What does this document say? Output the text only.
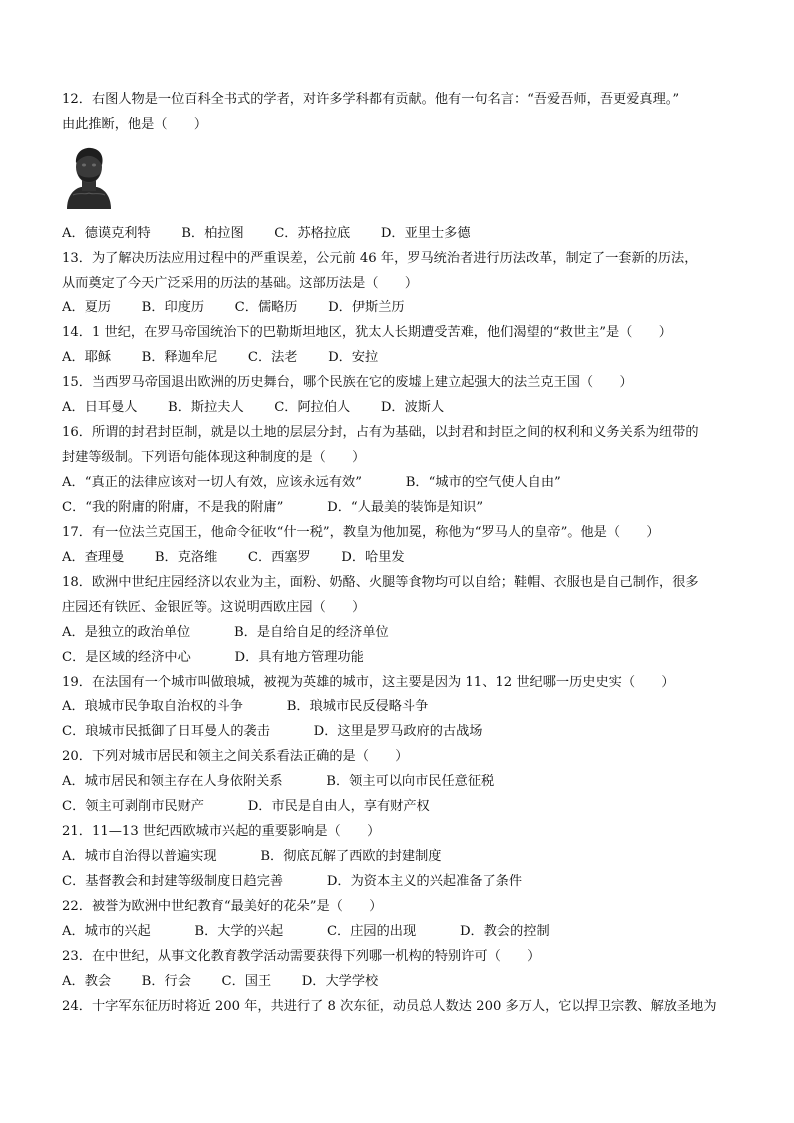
12．右图人物是一位百科全书式的学者，对许多学科都有贡献。他有一句名言：“吾爱吾师，吾更爱真理。”
由此推断，他是（　　）
A．德谟克利特　　 B．柏拉图　　 C．苏格拉底　　 D．亚里士多德
13．为了解决历法应用过程中的严重误差，公元前 46 年，罗马统治者进行历法改革，制定了一套新的历法，
从而奠定了今天广泛采用的历法的基础。这部历法是（　　）
A．夏历　　 B．印度历　　 C．儒略历　　 D．伊斯兰历
14．1 世纪，在罗马帝国统治下的巴勒斯坦地区，犹太人长期遭受苦难，他们渴望的“救世主”是（　　）
A．耶稣　　 B．释迦牟尼　　 C．法老　　 D．安拉
15．当西罗马帝国退出欧洲的历史舞台，哪个民族在它的废墟上建立起强大的法兰克王国（　　）
A．日耳曼人　　 B．斯拉夫人　　 C．阿拉伯人　　 D．波斯人
16．所谓的封君封臣制，就是以土地的层层分封，占有为基础，以封君和封臣之间的权利和义务关系为纽带的
封建等级制。下列语句能体现这种制度的是（　　）
A．“真正的法律应该对一切人有效，应该永远有效”　　　 B．“城市的空气使人自由”
C．“我的附庸的附庸，不是我的附庸”　　　 D．“人最美的装饰是知识”
17．有一位法兰克国王，他命令征收“什一税”，教皇为他加冕，称他为“罗马人的皇帝”。他是（　　）
A．查理曼　　 B．克洛维　　 C．西塞罗　　 D．哈里发
18．欧洲中世纪庄园经济以农业为主，面粉、奶酪、火腿等食物均可以自给；鞋帽、衣服也是自己制作，很多
庄园还有铁匠、金银匠等。这说明西欧庄园（　　）
A．是独立的政治单位　　　 B．是自给自足的经济单位
C．是区域的经济中心　　　 D．具有地方管理功能
19．在法国有一个城市叫做琅城，被视为英雄的城市，这主要是因为 11、12 世纪哪一历史史实（　　）
A．琅城市民争取自治权的斗争　　　 B．琅城市民反侵略斗争
C．琅城市民抵御了日耳曼人的袭击　　　 D．这里是罗马政府的古战场
20．下列对城市居民和领主之间关系看法正确的是（　　）
A．城市居民和领主存在人身依附关系　　　 B．领主可以向市民任意征税
C．领主可剥削市民财产　　　 D．市民是自由人，享有财产权
21．11—13 世纪西欧城市兴起的重要影响是（　　）
A．城市自治得以普遍实现　　　 B．彻底瓦解了西欧的封建制度
C．基督教会和封建等级制度日趋完善　　　 D．为资本主义的兴起准备了条件
22．被誉为欧洲中世纪教育“最美好的花朵”是（　　）
A．城市的兴起　　　 B．大学的兴起　　　 C．庄园的出现　　　 D．教会的控制
23．在中世纪，从事文化教育教学活动需要获得下列哪一机构的特别许可（　　）
A．教会　　 B．行会　　 C．国王　　 D．大学学校
24．十字军东征历时将近 200 年，共进行了 8 次东征，动员总人数达 200 多万人，它以捍卫宗教、解放圣地为
